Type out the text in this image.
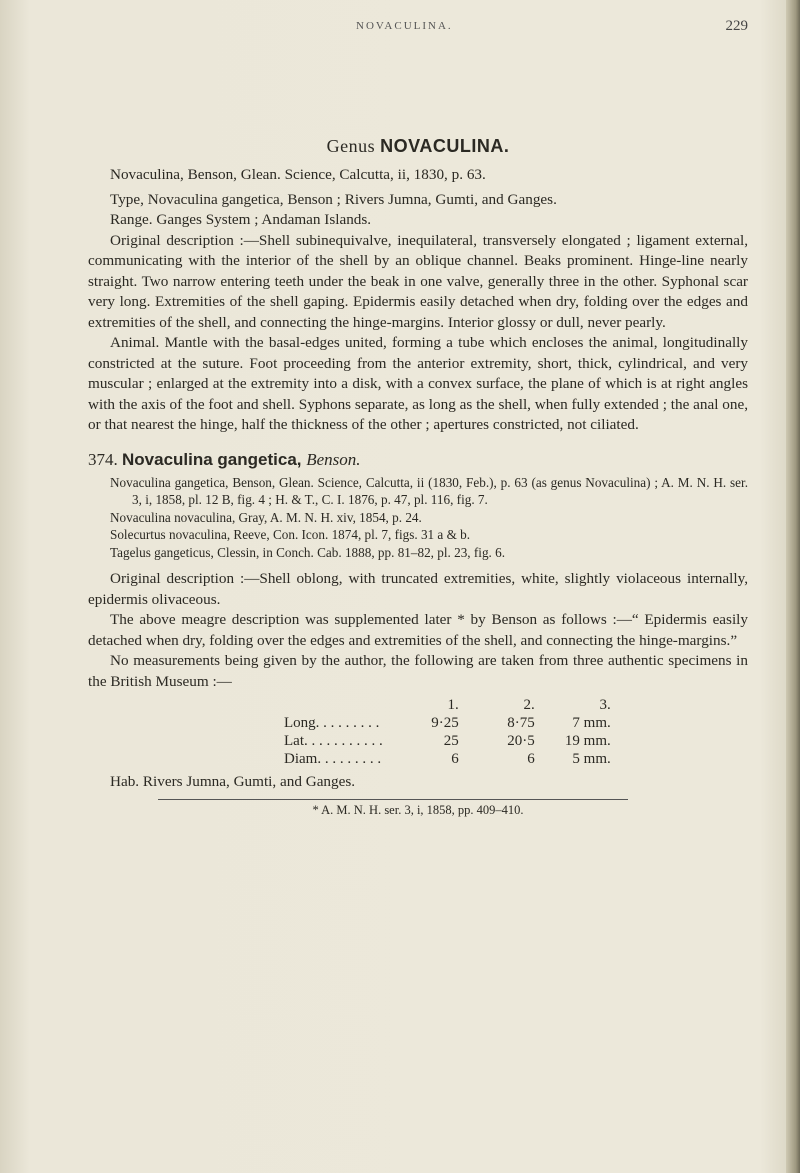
NOVACULINA.	229
Genus NOVACULINA.

Novaculina, Benson, Glean. Science, Calcutta, ii, 1830, p. 63.

Type, Novaculina gangetica, Benson ; Rivers Jumna, Gumti, and Ganges.

Range. Ganges System ; Andaman Islands.

Original description :—Shell subinequivalve, inequilateral, transversely elongated ; ligament external, communicating with the interior of the shell by an oblique channel. Beaks prominent. Hinge-line nearly straight. Two narrow entering teeth under the beak in one valve, generally three in the other. Syphonal scar very long. Extremities of the shell gaping. Epidermis easily detached when dry, folding over the edges and extremities of the shell, and connecting the hinge-margins. Interior glossy or dull, never pearly.

Animal. Mantle with the basal-edges united, forming a tube which encloses the animal, longitudinally constricted at the suture. Foot proceeding from the anterior extremity, short, thick, cylindrical, and very muscular ; enlarged at the extremity into a disk, with a convex surface, the plane of which is at right angles with the axis of the foot and shell. Syphons separate, as long as the shell, when fully extended ; the anal one, or that nearest the hinge, half the thickness of the other ; apertures constricted, not ciliated.

374. Novaculina gangetica, Benson.

Novaculina gangetica, Benson, Glean. Science, Calcutta, ii (1830, Feb.), p. 63 (as genus Novaculina) ; A. M. N. H. ser. 3, i, 1858, pl. 12 B, fig. 4 ; H. & T., C. I. 1876, p. 47, pl. 116, fig. 7.

Novaculina novaculina, Gray, A. M. N. H. xiv, 1854, p. 24.

Solecurtus novaculina, Reeve, Con. Icon. 1874, pl. 7, figs. 31 a & b.

Tagelus gangeticus, Clessin, in Conch. Cab. 1888, pp. 81–82, pl. 23, fig. 6.

Original description :—Shell oblong, with truncated extremities, white, slightly violaceous internally, epidermis olivaceous.

The above meagre description was supplemented later * by Benson as follows :—“ Epidermis easily detached when dry, folding over the edges and extremities of the shell, and connecting the hinge-margins.”

No measurements being given by the author, the following are taken from three authentic specimens in the British Museum :—

	1.	2.	3.
Long. . . . . . . . .	9·25	8·75	7 mm.
Lat. . . . . . . . . . .	25	20·5	19 mm.
Diam. . . . . . . . .	6	6	5 mm.

Hab. Rivers Jumna, Gumti, and Ganges.

* A. M. N. H. ser. 3, i, 1858, pp. 409–410.
